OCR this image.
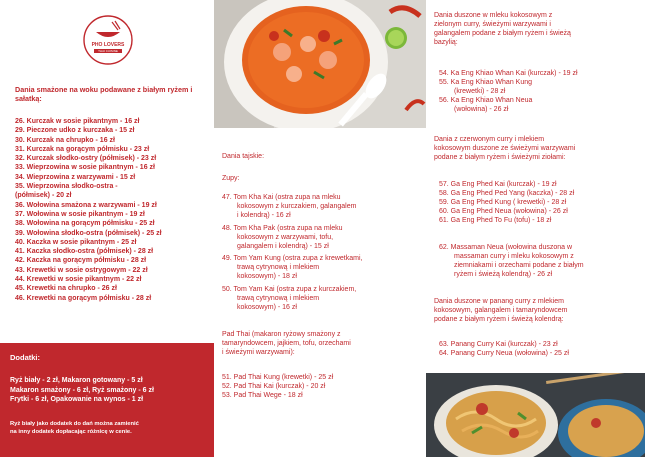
PHO LOVERS
THAI CUISINE
Dania smażone na woku podawane z białym ryżem i sałatką:
26. Kurczak w sosie pikantnym - 16 zł
29. Pieczone udko z kurczaka - 15 zł
30. Kurczak na chrupko - 16 zł
31. Kurczak na gorącym półmisku - 23 zł
32. Kurczak słodko-ostry (półmisek) - 23 zł
33. Wieprzowina w sosie pikantnym - 16 zł
34. Wieprzowina z warzywami - 15 zł
35. Wieprzowina słodko-ostra -
(półmisek) - 20 zł
36. Wołowina smażona z warzywami - 19 zł
37. Wołowina w sosie pikantnym - 19 zł
38. Wołowina na gorącym półmisku - 25 zł
39. Wołowina słodko-ostra (półmisek) - 25 zł
40. Kaczka w sosie pikantnym - 25 zł
41. Kaczka słodko-ostra (półmisek) - 28 zł
42. Kaczka na gorącym półmisku - 28 zł
43. Krewetki w sosie ostrygowym - 22 zł
44. Krewetki w sosie pikantnym - 22 zł
45. Krewetki na chrupko - 26 zł
46. Krewetki na gorącym półmisku - 28 zł
Dodatki:
Ryż biały - 2 zł, Makaron gotowany - 5 zł
Makaron smażony - 6 zł, Ryż smażony - 6 zł
Frytki - 6 zł, Opakowanie na wynos - 1 zł
Ryż biały jako dodatek do dań można zamienić
na inny dodatek dopłacając różnicę w cenie.
Dania tajskie:
Zupy:
47. Tom Kha Kai (ostra zupa na mleku
kokosowym z kurczakiem, galangalem
i kolendrą) - 16 zł
48. Tom Kha Pak (ostra zupa na mleku
kokosowym z warzywami, tofu,
galangalem i kolendrą) - 15 zł
49. Tom Yam Kung (ostra zupa z krewetkami,
trawą cytrynową i mlekiem
kokosowym) - 18 zł
50. Tom Yam Kai (ostra zupa z kurczakiem,
trawą cytrynową i mlekiem
kokosowym) - 16 zł
Pad Thai (makaron ryżowy smażony z
tamaryndowcem, jajkiem, tofu, orzechami
i świeżymi warzywami):
51. Pad Thai Kung (krewetki) - 25 zł
52. Pad Thai Kai (kurczak) - 20 zł
53. Pad Thai Wege - 18 zł
Dania duszone w mleku kokosowym z
zielonym curry, świeżymi warzywami i
galangalem podane z białym ryżem i świeżą
bazylią:
54. Ka Eng Khiao Whan Kai (kurczak) - 19 zł
55. Ka Eng Khiao Whan Kung
(krewetki) - 28 zł
56. Ka Eng Khiao Whan Neua
(wołowina) - 26 zł
Dania z czerwonym curry i mlekiem
kokosowym duszone ze świeżymi warzywami
podane z białym ryżem i świeżymi ziołami:
57. Ga Eng Phed Kai (kurczak) - 19 zł
58. Ga Eng Phed Ped Yang (kaczka) - 28 zł
59. Ga Eng Phed Kung ( krewetki) - 28 zł
60. Ga Eng Phed Neua (wołowina) - 26 zł
61. Ga Eng Phed To Fu (tofu) - 18 zł
62. Massaman Neua (wołowina duszona w
massaman curry i mleku kokosowym z
ziemniakami i orzechami podane z białym
ryżem i świeżą kolendrą) - 26 zł
Dania duszone w panang curry z mlekiem
kokosowym, galangalem i tamaryndowcem
podane z białym ryżem i świeżą kolendrą:
63. Panang Curry Kai (kurczak) - 23 zł
64. Panang Curry Neua (wołowina) - 25 zł
